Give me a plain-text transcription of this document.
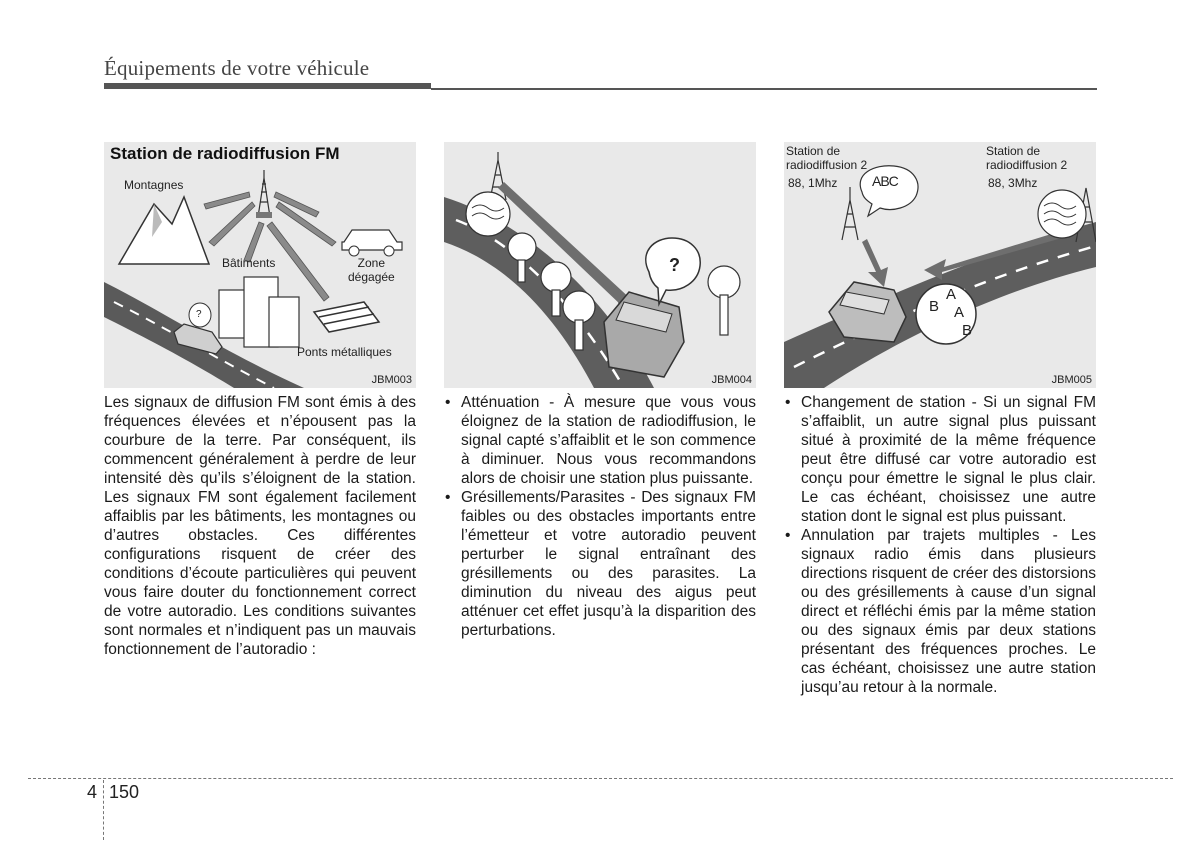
Équipements de votre véhicule
Station de radiodiffusion FM
Montagnes
Bâtiments	Zone
dégagée
Ponts métalliques
?
JBM003
?
JBM004
Station de
radiodiffusion 2
88, 1Mhz
Station de
radiodiffusion 2
88, 3Mhz
ABC
A
B A
B
JBM005

Les signaux de diffusion FM sont émis à des fréquences élevées et n’épousent pas la courbure de la terre. Par conséquent, ils commencent généralement à perdre de leur intensité dès qu’ils s’éloignent de la station. Les signaux FM sont également facilement affaiblis par les bâtiments, les montagnes ou d’autres obstacles. Ces différentes configurations risquent de créer des conditions d’écoute particulières qui peuvent vous faire douter du fonctionnement correct de votre autoradio. Les conditions suivantes sont normales et n’indiquent pas un mauvais fonctionnement de l’autoradio :

• Atténuation - À mesure que vous vous éloignez de la station de radiodiffusion, le signal capté s’affaiblit et le son commence à diminuer. Nous vous recommandons alors de choisir une station plus puissante.
• Grésillements/Parasites - Des signaux FM faibles ou des obstacles importants entre l’émetteur et votre autoradio peuvent perturber le signal entraînant des grésillements ou des parasites. La diminution du niveau des aigus peut atténuer cet effet jusqu’à la disparition des perturbations.
• Changement de station - Si un signal FM s’affaiblit, un autre signal plus puissant situé à proximité de la même fréquence peut être diffusé car votre autoradio est conçu pour émettre le signal le plus clair. Le cas échéant, choisissez une autre station dont le signal est plus puissant.
• Annulation par trajets multiples - Les signaux radio émis dans plusieurs directions risquent de créer des distorsions ou des grésillements à cause d’un signal direct et réfléchi émis par la même station ou des signaux émis par deux stations présentant des fréquences proches. Le cas échéant, choisissez une autre station jusqu’au retour à la normale.
4 150
